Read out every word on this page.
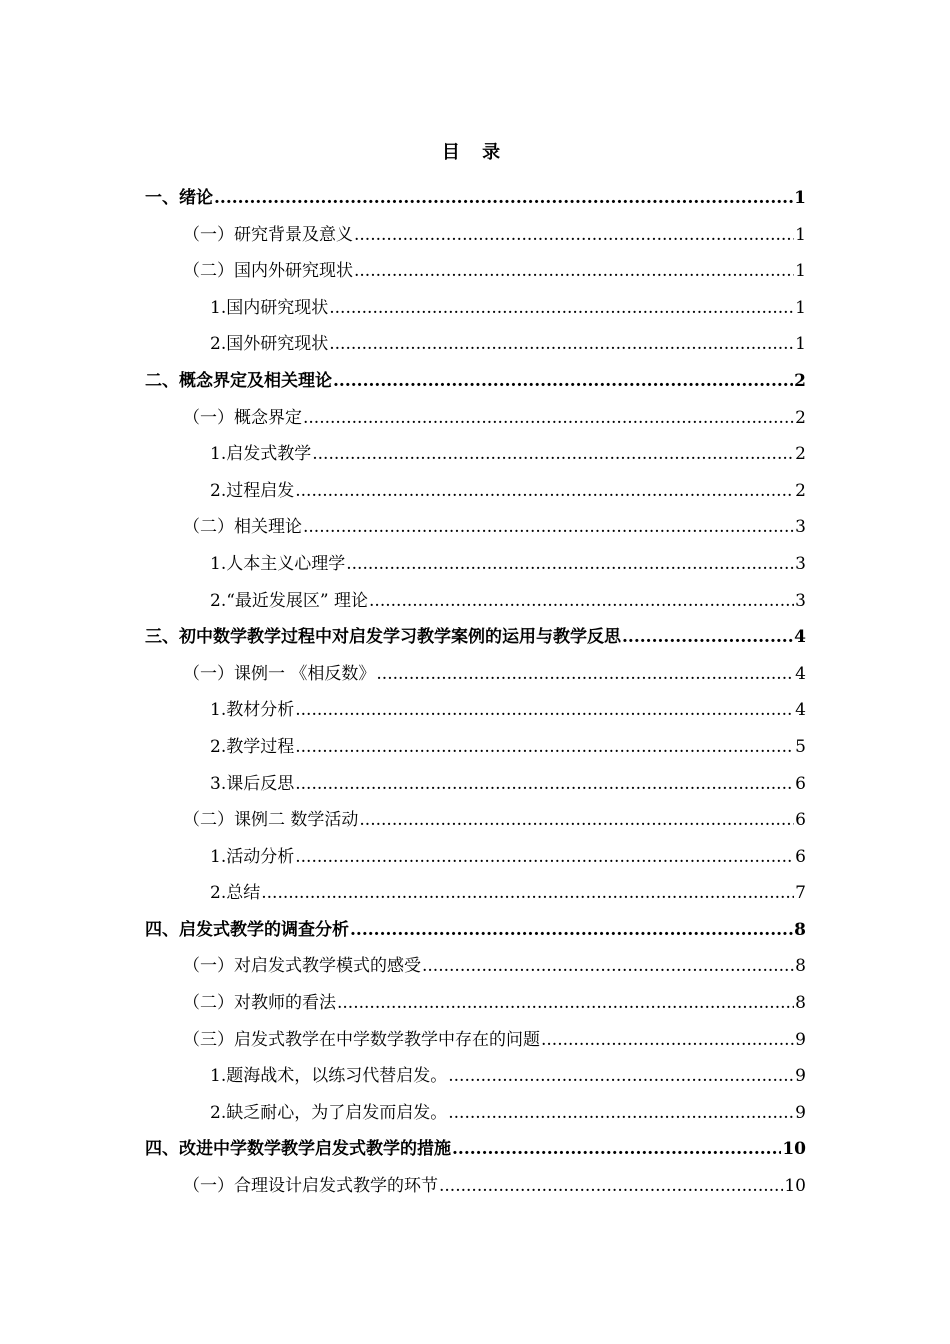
目 录
一、绪论 .....	1
（一）研究背景及意义 .....	1
（二）国内外研究现状 .....	1
1.国内研究现状 .....	1
2.国外研究现状 .....	1
二、概念界定及相关理论 .....	2
（一）概念界定 .....	2
1.启发式教学 .....	2
2.过程启发 .....	2
（二）相关理论 .....	3
1.人本主义心理学 .....	3
2.“最近发展区” 理论 .....	3
三、初中数学教学过程中对启发学习教学案例的运用与教学反思 .....	4
（一）课例一 《相反数》 .....	4
1.教材分析 .....	4
2.教学过程 .....	5
3.课后反思 .....	6
（二）课例二 数学活动 .....	6
1.活动分析 .....	6
2.总结 .....	7
四、启发式教学的调查分析 .....	8
（一）对启发式教学模式的感受 .....	8
（二）对教师的看法 .....	8
（三）启发式教学在中学数学教学中存在的问题 .....	9
1.题海战术，以练习代替启发。 .....	9
2.缺乏耐心，为了启发而启发。 .....	9
四、改进中学数学教学启发式教学的措施 .....	10
（一）合理设计启发式教学的环节 .....	10
